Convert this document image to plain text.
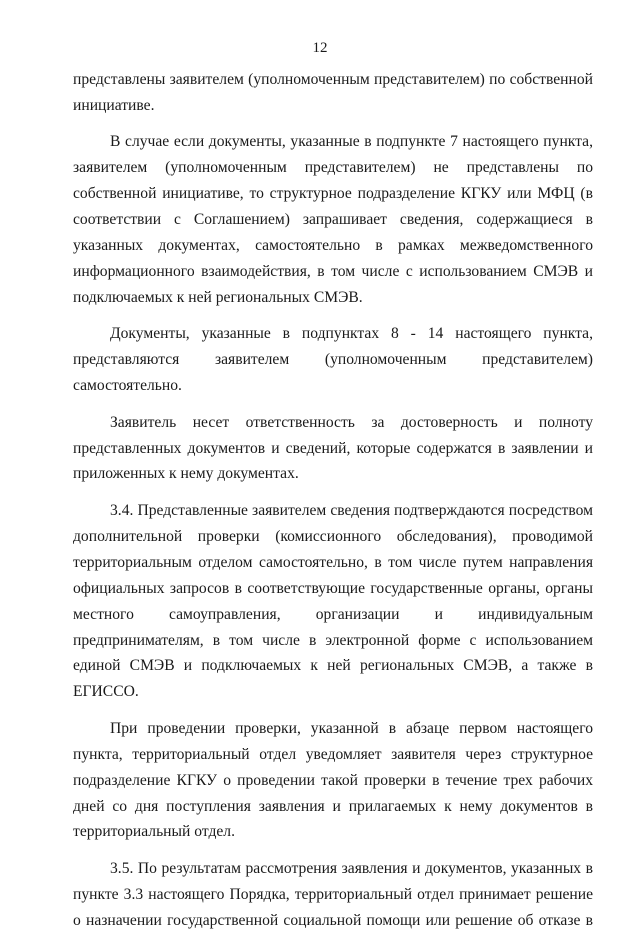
12

представлены заявителем (уполномоченным представителем) по собственной инициативе.

В случае если документы, указанные в подпункте 7 настоящего пункта, заявителем (уполномоченным представителем) не представлены по собственной инициативе, то структурное подразделение КГКУ или МФЦ (в соответствии с Соглашением) запрашивает сведения, содержащиеся в указанных документах, самостоятельно в рамках межведомственного информационного взаимодействия, в том числе с использованием СМЭВ и подключаемых к ней региональных СМЭВ.

Документы, указанные в подпунктах 8 - 14 настоящего пункта, представляются заявителем (уполномоченным представителем) самостоятельно.

Заявитель несет ответственность за достоверность и полноту представленных документов и сведений, которые содержатся в заявлении и приложенных к нему документах.

3.4. Представленные заявителем сведения подтверждаются посредством дополнительной проверки (комиссионного обследования), проводимой территориальным отделом самостоятельно, в том числе путем направления официальных запросов в соответствующие государственные органы, органы местного самоуправления, организации и индивидуальным предпринимателям, в том числе в электронной форме с использованием единой СМЭВ и подключаемых к ней региональных СМЭВ, а также в ЕГИССО.

При проведении проверки, указанной в абзаце первом настоящего пункта, территориальный отдел уведомляет заявителя через структурное подразделение КГКУ о проведении такой проверки в течение трех рабочих дней со дня поступления заявления и прилагаемых к нему документов в территориальный отдел.

3.5. По результатам рассмотрения заявления и документов, указанных в пункте 3.3 настоящего Порядка, территориальный отдел принимает решение о назначении государственной социальной помощи или решение об отказе в
